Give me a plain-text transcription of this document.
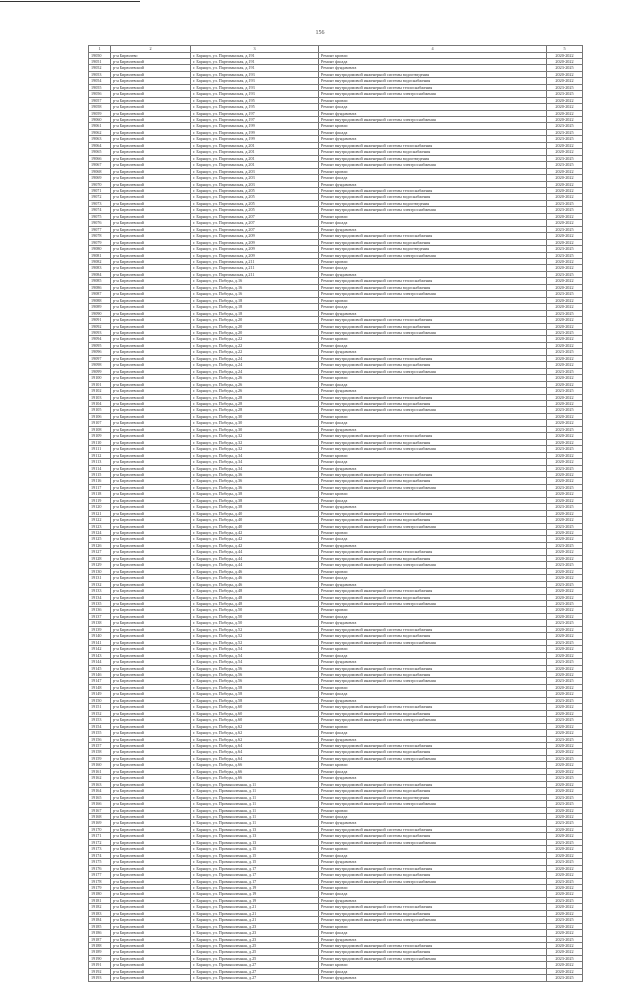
156
1	2	3	4	5
19050	р-н Бирюлево	г. Барнаул, ул. Партизанская, д.191	Ремонт кровли	2020-2022
19051	р-н Бирюлевский	г. Барнаул, ул. Партизанская, д.191	Ремонт фасада	2020-2022
19052	р-н Бирюлевский	г. Барнаул, ул. Партизанская, д.191	Ремонт фундамента	2023-2025
19053	р-н Бирюлевский	г. Барнаул, ул. Партизанская, д.193	Ремонт внутридомовой инженерной системы водоотведения	2020-2022
19054	р-н Бирюлевский	г. Барнаул, ул. Партизанская, д.193	Ремонт внутридомовой инженерной системы водоснабжения	2020-2022
19055	р-н Бирюлевский	г. Барнаул, ул. Партизанская, д.193	Ремонт внутридомовой инженерной системы теплоснабжения	2023-2025
19056	р-н Бирюлевский	г. Барнаул, ул. Партизанская, д.193	Ремонт внутридомовой инженерной системы электроснабжения	2023-2025
19057	р-н Бирюлевский	г. Барнаул, ул. Партизанская, д.195	Ремонт кровли	2020-2022
19058	р-н Бирюлевский	г. Барнаул, ул. Партизанская, д.195	Ремонт фасада	2020-2022
19059	р-н Бирюлевский	г. Барнаул, ул. Партизанская, д.197	Ремонт фундамента	2020-2022
19060	р-н Бирюлевский	г. Барнаул, ул. Партизанская, д.197	Ремонт внутридомовой инженерной системы электроснабжения	2020-2022
19061	р-н Бирюлевский	г. Барнаул, ул. Партизанская, д.199	Ремонт кровли	2023-2025
19062	р-н Бирюлевский	г. Барнаул, ул. Партизанская, д.199	Ремонт фасада	2023-2025
19063	р-н Бирюлевский	г. Барнаул, ул. Партизанская, д.199	Ремонт фундамента	2023-2025
19064	р-н Бирюлевский	г. Барнаул, ул. Партизанская, д.201	Ремонт внутридомовой инженерной системы теплоснабжения	2020-2022
19065	р-н Бирюлевский	г. Барнаул, ул. Партизанская, д.201	Ремонт внутридомовой инженерной системы водоснабжения	2020-2022
19066	р-н Бирюлевский	г. Барнаул, ул. Партизанская, д.201	Ремонт внутридомовой инженерной системы водоотведения	2023-2025
19067	р-н Бирюлевский	г. Барнаул, ул. Партизанская, д.201	Ремонт внутридомовой инженерной системы электроснабжения	2023-2025
19068	р-н Бирюлевский	г. Барнаул, ул. Партизанская, д.203	Ремонт кровли	2020-2022
19069	р-н Бирюлевский	г. Барнаул, ул. Партизанская, д.203	Ремонт фасада	2020-2022
19070	р-н Бирюлевский	г. Барнаул, ул. Партизанская, д.203	Ремонт фундамента	2020-2022
19071	р-н Бирюлевский	г. Барнаул, ул. Партизанская, д.205	Ремонт внутридомовой инженерной системы теплоснабжения	2020-2022
19072	р-н Бирюлевский	г. Барнаул, ул. Партизанская, д.205	Ремонт внутридомовой инженерной системы водоснабжения	2020-2022
19073	р-н Бирюлевский	г. Барнаул, ул. Партизанская, д.205	Ремонт внутридомовой инженерной системы водоотведения	2023-2025
19074	р-н Бирюлевский	г. Барнаул, ул. Партизанская, д.205	Ремонт внутридомовой инженерной системы электроснабжения	2023-2025
19075	р-н Бирюлевский	г. Барнаул, ул. Партизанская, д.207	Ремонт кровли	2020-2022
19076	р-н Бирюлевский	г. Барнаул, ул. Партизанская, д.207	Ремонт фасада	2020-2022
19077	р-н Бирюлевский	г. Барнаул, ул. Партизанская, д.207	Ремонт фундамента	2023-2025
19078	р-н Бирюлевский	г. Барнаул, ул. Партизанская, д.209	Ремонт внутридомовой инженерной системы теплоснабжения	2020-2022
19079	р-н Бирюлевский	г. Барнаул, ул. Партизанская, д.209	Ремонт внутридомовой инженерной системы водоснабжения	2020-2022
19080	р-н Бирюлевский	г. Барнаул, ул. Партизанская, д.209	Ремонт внутридомовой инженерной системы водоотведения	2023-2025
19081	р-н Бирюлевский	г. Барнаул, ул. Партизанская, д.209	Ремонт внутридомовой инженерной системы электроснабжения	2023-2025
19082	р-н Бирюлевский	г. Барнаул, ул. Партизанская, д.211	Ремонт кровли	2020-2022
19083	р-н Бирюлевский	г. Барнаул, ул. Партизанская, д.211	Ремонт фасада	2020-2022
19084	р-н Бирюлевский	г. Барнаул, ул. Партизанская, д.211	Ремонт фундамента	2023-2025
19085	р-н Бирюлевский	г. Барнаул, ул. Победы, д.16	Ремонт внутридомовой инженерной системы теплоснабжения	2020-2022
19086	р-н Бирюлевский	г. Барнаул, ул. Победы, д.16	Ремонт внутридомовой инженерной системы водоснабжения	2020-2022
19087	р-н Бирюлевский	г. Барнаул, ул. Победы, д.16	Ремонт внутридомовой инженерной системы электроснабжения	2023-2025
19088	р-н Бирюлевский	г. Барнаул, ул. Победы, д.18	Ремонт кровли	2020-2022
19089	р-н Бирюлевский	г. Барнаул, ул. Победы, д.18	Ремонт фасада	2020-2022
19090	р-н Бирюлевский	г. Барнаул, ул. Победы, д.18	Ремонт фундамента	2023-2025
19091	р-н Бирюлевский	г. Барнаул, ул. Победы, д.20	Ремонт внутридомовой инженерной системы теплоснабжения	2020-2022
19092	р-н Бирюлевский	г. Барнаул, ул. Победы, д.20	Ремонт внутридомовой инженерной системы водоснабжения	2020-2022
19093	р-н Бирюлевский	г. Барнаул, ул. Победы, д.20	Ремонт внутридомовой инженерной системы электроснабжения	2023-2025
19094	р-н Бирюлевский	г. Барнаул, ул. Победы, д.22	Ремонт кровли	2020-2022
19095	р-н Бирюлевский	г. Барнаул, ул. Победы, д.22	Ремонт фасада	2020-2022
19096	р-н Бирюлевский	г. Барнаул, ул. Победы, д.22	Ремонт фундамента	2023-2025
19097	р-н Бирюлевский	г. Барнаул, ул. Победы, д.24	Ремонт внутридомовой инженерной системы теплоснабжения	2020-2022
19098	р-н Бирюлевский	г. Барнаул, ул. Победы, д.24	Ремонт внутридомовой инженерной системы водоснабжения	2020-2022
19099	р-н Бирюлевский	г. Барнаул, ул. Победы, д.24	Ремонт внутридомовой инженерной системы электроснабжения	2023-2025
19100	р-н Бирюлевский	г. Барнаул, ул. Победы, д.26	Ремонт кровли	2020-2022
19101	р-н Бирюлевский	г. Барнаул, ул. Победы, д.26	Ремонт фасада	2020-2022
19102	р-н Бирюлевский	г. Барнаул, ул. Победы, д.26	Ремонт фундамента	2023-2025
19103	р-н Бирюлевский	г. Барнаул, ул. Победы, д.28	Ремонт внутридомовой инженерной системы теплоснабжения	2020-2022
19104	р-н Бирюлевский	г. Барнаул, ул. Победы, д.28	Ремонт внутридомовой инженерной системы водоснабжения	2020-2022
19105	р-н Бирюлевский	г. Барнаул, ул. Победы, д.28	Ремонт внутридомовой инженерной системы электроснабжения	2023-2025
19106	р-н Бирюлевский	г. Барнаул, ул. Победы, д.30	Ремонт кровли	2020-2022
19107	р-н Бирюлевский	г. Барнаул, ул. Победы, д.30	Ремонт фасада	2020-2022
19108	р-н Бирюлевский	г. Барнаул, ул. Победы, д.30	Ремонт фундамента	2023-2025
19109	р-н Бирюлевский	г. Барнаул, ул. Победы, д.32	Ремонт внутридомовой инженерной системы теплоснабжения	2020-2022
19110	р-н Бирюлевский	г. Барнаул, ул. Победы, д.32	Ремонт внутридомовой инженерной системы водоснабжения	2020-2022
19111	р-н Бирюлевский	г. Барнаул, ул. Победы, д.32	Ремонт внутридомовой инженерной системы электроснабжения	2023-2025
19112	р-н Бирюлевский	г. Барнаул, ул. Победы, д.34	Ремонт кровли	2020-2022
19113	р-н Бирюлевский	г. Барнаул, ул. Победы, д.34	Ремонт фасада	2020-2022
19114	р-н Бирюлевский	г. Барнаул, ул. Победы, д.34	Ремонт фундамента	2023-2025
19115	р-н Бирюлевский	г. Барнаул, ул. Победы, д.36	Ремонт внутридомовой инженерной системы теплоснабжения	2020-2022
19116	р-н Бирюлевский	г. Барнаул, ул. Победы, д.36	Ремонт внутридомовой инженерной системы водоснабжения	2020-2022
19117	р-н Бирюлевский	г. Барнаул, ул. Победы, д.36	Ремонт внутридомовой инженерной системы электроснабжения	2023-2025
19118	р-н Бирюлевский	г. Барнаул, ул. Победы, д.38	Ремонт кровли	2020-2022
19119	р-н Бирюлевский	г. Барнаул, ул. Победы, д.38	Ремонт фасада	2020-2022
19120	р-н Бирюлевский	г. Барнаул, ул. Победы, д.38	Ремонт фундамента	2023-2025
19121	р-н Бирюлевский	г. Барнаул, ул. Победы, д.40	Ремонт внутридомовой инженерной системы теплоснабжения	2020-2022
19122	р-н Бирюлевский	г. Барнаул, ул. Победы, д.40	Ремонт внутридомовой инженерной системы водоснабжения	2020-2022
19123	р-н Бирюлевский	г. Барнаул, ул. Победы, д.40	Ремонт внутридомовой инженерной системы электроснабжения	2023-2025
19124	р-н Бирюлевский	г. Барнаул, ул. Победы, д.42	Ремонт кровли	2020-2022
19125	р-н Бирюлевский	г. Барнаул, ул. Победы, д.42	Ремонт фасада	2020-2022
19126	р-н Бирюлевский	г. Барнаул, ул. Победы, д.42	Ремонт фундамента	2023-2025
19127	р-н Бирюлевский	г. Барнаул, ул. Победы, д.44	Ремонт внутридомовой инженерной системы теплоснабжения	2020-2022
19128	р-н Бирюлевский	г. Барнаул, ул. Победы, д.44	Ремонт внутридомовой инженерной системы водоснабжения	2020-2022
19129	р-н Бирюлевский	г. Барнаул, ул. Победы, д.44	Ремонт внутридомовой инженерной системы электроснабжения	2023-2025
19130	р-н Бирюлевский	г. Барнаул, ул. Победы, д.46	Ремонт кровли	2020-2022
19131	р-н Бирюлевский	г. Барнаул, ул. Победы, д.46	Ремонт фасада	2020-2022
19132	р-н Бирюлевский	г. Барнаул, ул. Победы, д.46	Ремонт фундамента	2023-2025
19133	р-н Бирюлевский	г. Барнаул, ул. Победы, д.48	Ремонт внутридомовой инженерной системы теплоснабжения	2020-2022
19134	р-н Бирюлевский	г. Барнаул, ул. Победы, д.48	Ремонт внутридомовой инженерной системы водоснабжения	2020-2022
19135	р-н Бирюлевский	г. Барнаул, ул. Победы, д.48	Ремонт внутридомовой инженерной системы электроснабжения	2023-2025
19136	р-н Бирюлевский	г. Барнаул, ул. Победы, д.50	Ремонт кровли	2020-2022
19137	р-н Бирюлевский	г. Барнаул, ул. Победы, д.50	Ремонт фасада	2020-2022
19138	р-н Бирюлевский	г. Барнаул, ул. Победы, д.50	Ремонт фундамента	2023-2025
19139	р-н Бирюлевский	г. Барнаул, ул. Победы, д.52	Ремонт внутридомовой инженерной системы теплоснабжения	2020-2022
19140	р-н Бирюлевский	г. Барнаул, ул. Победы, д.52	Ремонт внутридомовой инженерной системы водоснабжения	2020-2022
19141	р-н Бирюлевский	г. Барнаул, ул. Победы, д.52	Ремонт внутридомовой инженерной системы электроснабжения	2023-2025
19142	р-н Бирюлевский	г. Барнаул, ул. Победы, д.54	Ремонт кровли	2020-2022
19143	р-н Бирюлевский	г. Барнаул, ул. Победы, д.54	Ремонт фасада	2020-2022
19144	р-н Бирюлевский	г. Барнаул, ул. Победы, д.54	Ремонт фундамента	2023-2025
19145	р-н Бирюлевский	г. Барнаул, ул. Победы, д.56	Ремонт внутридомовой инженерной системы теплоснабжения	2020-2022
19146	р-н Бирюлевский	г. Барнаул, ул. Победы, д.56	Ремонт внутридомовой инженерной системы водоснабжения	2020-2022
19147	р-н Бирюлевский	г. Барнаул, ул. Победы, д.56	Ремонт внутридомовой инженерной системы электроснабжения	2023-2025
19148	р-н Бирюлевский	г. Барнаул, ул. Победы, д.58	Ремонт кровли	2020-2022
19149	р-н Бирюлевский	г. Барнаул, ул. Победы, д.58	Ремонт фасада	2020-2022
19150	р-н Бирюлевский	г. Барнаул, ул. Победы, д.58	Ремонт фундамента	2023-2025
19151	р-н Бирюлевский	г. Барнаул, ул. Победы, д.60	Ремонт внутридомовой инженерной системы теплоснабжения	2020-2022
19152	р-н Бирюлевский	г. Барнаул, ул. Победы, д.60	Ремонт внутридомовой инженерной системы водоснабжения	2020-2022
19153	р-н Бирюлевский	г. Барнаул, ул. Победы, д.60	Ремонт внутридомовой инженерной системы электроснабжения	2023-2025
19154	р-н Бирюлевский	г. Барнаул, ул. Победы, д.62	Ремонт кровли	2020-2022
19155	р-н Бирюлевский	г. Барнаул, ул. Победы, д.62	Ремонт фасада	2020-2022
19156	р-н Бирюлевский	г. Барнаул, ул. Победы, д.62	Ремонт фундамента	2023-2025
19157	р-н Бирюлевский	г. Барнаул, ул. Победы, д.64	Ремонт внутридомовой инженерной системы теплоснабжения	2020-2022
19158	р-н Бирюлевский	г. Барнаул, ул. Победы, д.64	Ремонт внутридомовой инженерной системы водоснабжения	2020-2022
19159	р-н Бирюлевский	г. Барнаул, ул. Победы, д.64	Ремонт внутридомовой инженерной системы электроснабжения	2023-2025
19160	р-н Бирюлевский	г. Барнаул, ул. Победы, д.66	Ремонт кровли	2020-2022
19161	р-н Бирюлевский	г. Барнаул, ул. Победы, д.66	Ремонт фасада	2020-2022
19162	р-н Бирюлевский	г. Барнаул, ул. Победы, д.66	Ремонт фундамента	2023-2025
19163	р-н Бирюлевский	г. Барнаул, ул. Промышленная, д.11	Ремонт внутридомовой инженерной системы теплоснабжения	2020-2022
19164	р-н Бирюлевский	г. Барнаул, ул. Промышленная, д.11	Ремонт внутридомовой инженерной системы водоснабжения	2020-2022
19165	р-н Бирюлевский	г. Барнаул, ул. Промышленная, д.11	Ремонт внутридомовой инженерной системы водоотведения	2023-2025
19166	р-н Бирюлевский	г. Барнаул, ул. Промышленная, д.11	Ремонт внутридомовой инженерной системы электроснабжения	2023-2025
19167	р-н Бирюлевский	г. Барнаул, ул. Промышленная, д.11	Ремонт кровли	2020-2022
19168	р-н Бирюлевский	г. Барнаул, ул. Промышленная, д.11	Ремонт фасада	2020-2022
19169	р-н Бирюлевский	г. Барнаул, ул. Промышленная, д.11	Ремонт фундамента	2023-2025
19170	р-н Бирюлевский	г. Барнаул, ул. Промышленная, д.13	Ремонт внутридомовой инженерной системы теплоснабжения	2020-2022
19171	р-н Бирюлевский	г. Барнаул, ул. Промышленная, д.13	Ремонт внутридомовой инженерной системы водоснабжения	2020-2022
19172	р-н Бирюлевский	г. Барнаул, ул. Промышленная, д.13	Ремонт внутридомовой инженерной системы электроснабжения	2023-2025
19173	р-н Бирюлевский	г. Барнаул, ул. Промышленная, д.15	Ремонт кровли	2020-2022
19174	р-н Бирюлевский	г. Барнаул, ул. Промышленная, д.15	Ремонт фасада	2020-2022
19175	р-н Бирюлевский	г. Барнаул, ул. Промышленная, д.15	Ремонт фундамента	2023-2025
19176	р-н Бирюлевский	г. Барнаул, ул. Промышленная, д.17	Ремонт внутридомовой инженерной системы теплоснабжения	2020-2022
19177	р-н Бирюлевский	г. Барнаул, ул. Промышленная, д.17	Ремонт внутридомовой инженерной системы водоснабжения	2020-2022
19178	р-н Бирюлевский	г. Барнаул, ул. Промышленная, д.17	Ремонт внутридомовой инженерной системы электроснабжения	2023-2025
19179	р-н Бирюлевский	г. Барнаул, ул. Промышленная, д.19	Ремонт кровли	2020-2022
19180	р-н Бирюлевский	г. Барнаул, ул. Промышленная, д.19	Ремонт фасада	2020-2022
19181	р-н Бирюлевский	г. Барнаул, ул. Промышленная, д.19	Ремонт фундамента	2023-2025
19182	р-н Бирюлевский	г. Барнаул, ул. Промышленная, д.21	Ремонт внутридомовой инженерной системы теплоснабжения	2020-2022
19183	р-н Бирюлевский	г. Барнаул, ул. Промышленная, д.21	Ремонт внутридомовой инженерной системы водоснабжения	2020-2022
19184	р-н Бирюлевский	г. Барнаул, ул. Промышленная, д.21	Ремонт внутридомовой инженерной системы электроснабжения	2023-2025
19185	р-н Бирюлевский	г. Барнаул, ул. Промышленная, д.23	Ремонт кровли	2020-2022
19186	р-н Бирюлевский	г. Барнаул, ул. Промышленная, д.23	Ремонт фасада	2020-2022
19187	р-н Бирюлевский	г. Барнаул, ул. Промышленная, д.23	Ремонт фундамента	2023-2025
19188	р-н Бирюлевский	г. Барнаул, ул. Промышленная, д.25	Ремонт внутридомовой инженерной системы теплоснабжения	2020-2022
19189	р-н Бирюлевский	г. Барнаул, ул. Промышленная, д.25	Ремонт внутридомовой инженерной системы водоснабжения	2020-2022
19190	р-н Бирюлевский	г. Барнаул, ул. Промышленная, д.25	Ремонт внутридомовой инженерной системы электроснабжения	2023-2025
19191	р-н Бирюлевский	г. Барнаул, ул. Промышленная, д.27	Ремонт кровли	2020-2022
19192	р-н Бирюлевский	г. Барнаул, ул. Промышленная, д.27	Ремонт фасада	2020-2022
19193	р-н Бирюлевский	г. Барнаул, ул. Промышленная, д.27	Ремонт фундамента	2023-2025
